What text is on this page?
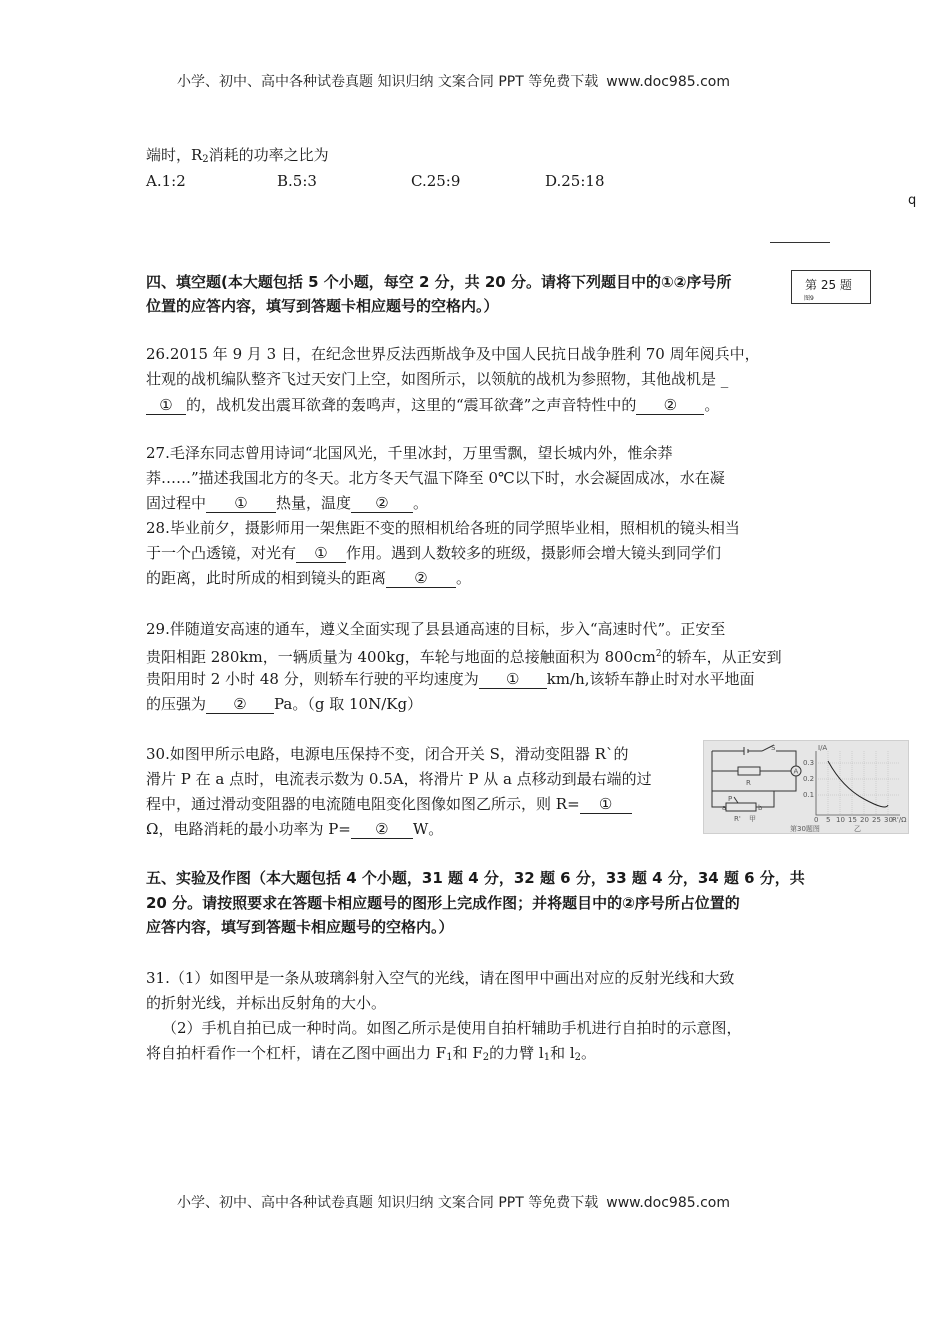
小学、初中、高中各种试卷真题 知识归纳 文案合同 PPT 等免费下载 www.doc985.com
端时，$R_2$消耗的功率之比为
A.1:2	B.5:3	C.25:9	D.25:18
q
第 25 题
图9
四、填空题(本大题包括 5 个小题，每空 2 分，共 20 分。请将下列题目中的①②序号所
位置的应答内容，填写到答题卡相应题号的空格内。）
26.2015 年 9 月 3 日，在纪念世界反法西斯战争及中国人民抗日战争胜利 70 周年阅兵中，
壮观的战机编队整齐飞过天安门上空，如图所示，以领航的战机为参照物，其他战机是 _
① 的，战机发出震耳欲聋的轰鸣声，这里的“震耳欲聋”之声音特性中的 ② 。
27.毛泽东同志曾用诗词“北国风光，千里冰封，万里雪飘，望长城内外，惟余莽
莽……”描述我国北方的冬天。北方冬天气温下降至 0℃以下时，水会凝固成冰，水在凝
固过程中 ① 热量，温度 ② 。
28.毕业前夕，摄影师用一架焦距不变的照相机给各班的同学照毕业相，照相机的镜头相当
于一个凸透镜，对光有 ① 作用。遇到人数较多的班级，摄影师会增大镜头到同学们
的距离，此时所成的相到镜头的距离 ② 。
29.伴随道安高速的通车，遵义全面实现了县县通高速的目标，步入“高速时代”。正安至
贵阳相距 280km，一辆质量为 400kg，车轮与地面的总接触面积为 $800cm^2$的轿车，从正安到
贵阳用时 2 小时 48 分，则轿车行驶的平均速度为 ① km/h,该轿车静止时对水平地面
的压强为 ② Pa。（g 取 10N/Kg）
30.如图甲所示电路，电源电压保持不变，闭合开关 S，滑动变阻器 R`的
滑片 P 在 a 点时，电流表示数为 0.5A，将滑片 P 从 a 点移动到最右端的过
程中，通过滑动变阻器的电流随电阻变化图像如图乙所示，则 R= ①
Ω，电路消耗的最小功率为 P= ② W。
S
A
R
P
a	b
R' 甲
I/A
0.3
0.2
0.1
0 5 10 15 20 25 30 R'/Ω
乙
第30题图
五、实验及作图（本大题包括 4 个小题，31 题 4 分，32 题 6 分，33 题 4 分，34 题 6 分，共
20 分。请按照要求在答题卡相应题号的图形上完成作图；并将题目中的②序号所占位置的
应答内容，填写到答题卡相应题号的空格内。）
31.（1）如图甲是一条从玻璃斜射入空气的光线，请在图甲中画出对应的反射光线和大致
的折射光线，并标出反射角的大小。
（2）手机自拍已成一种时尚。如图乙所示是使用自拍杆辅助手机进行自拍时的示意图，
将自拍杆看作一个杠杆，请在乙图中画出力 $F_1$和 $F_2$的力臂 $l_1$和 $l_2$。
小学、初中、高中各种试卷真题 知识归纳 文案合同 PPT 等免费下载 www.doc985.com
